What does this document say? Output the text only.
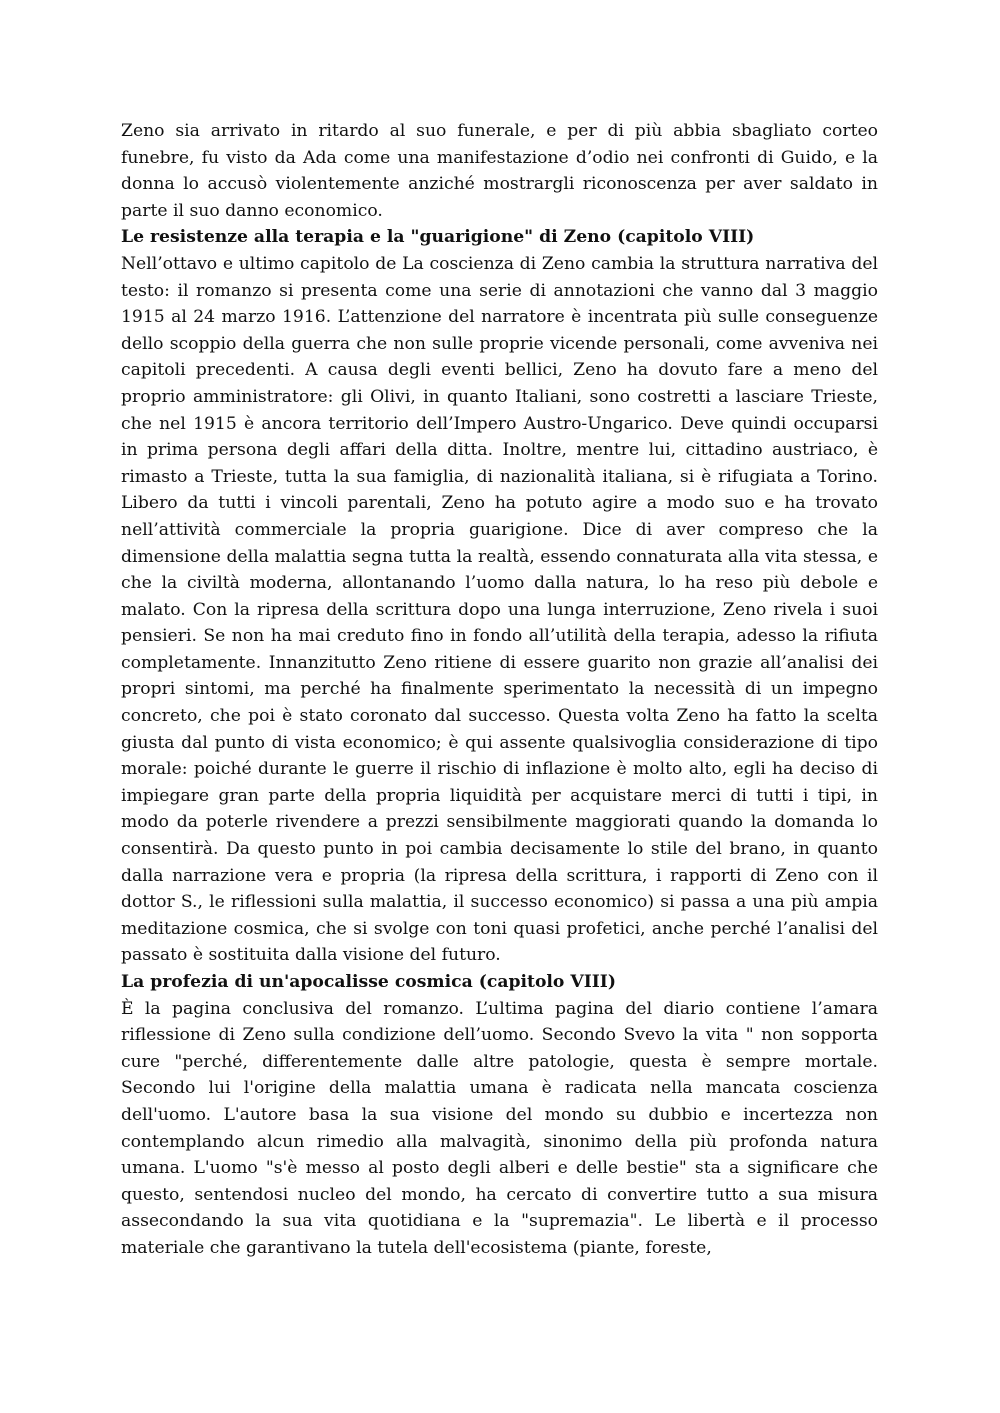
Zeno sia arrivato in ritardo al suo funerale, e per di più abbia sbagliato corteo funebre, fu visto da Ada come una manifestazione d’odio nei confronti di Guido, e la donna lo accusò violentemente anziché mostrargli riconoscenza per aver saldato in parte il suo danno economico.

Le resistenze alla terapia e la "guarigione" di Zeno (capitolo VIII)

Nell’ottavo e ultimo capitolo de La coscienza di Zeno cambia la struttura narrativa del testo: il romanzo si presenta come una serie di annotazioni che vanno dal 3 maggio 1915 al 24 marzo 1916. L’attenzione del narratore è incentrata più sulle conseguenze dello scoppio della guerra che non sulle proprie vicende personali, come avveniva nei capitoli precedenti. A causa degli eventi bellici, Zeno ha dovuto fare a meno del proprio amministratore: gli Olivi, in quanto Italiani, sono costretti a lasciare Trieste, che nel 1915 è ancora territorio dell’Impero Austro-Ungarico. Deve quindi occuparsi in prima persona degli affari della ditta. Inoltre, mentre lui, cittadino austriaco, è rimasto a Trieste, tutta la sua famiglia, di nazionalità italiana, si è rifugiata a Torino. Libero da tutti i vincoli parentali, Zeno ha potuto agire a modo suo e ha trovato nell’attività commerciale la propria guarigione. Dice di aver compreso che la dimensione della malattia segna tutta la realtà, essendo connaturata alla vita stessa, e che la civiltà moderna, allontanando l’uomo dalla natura, lo ha reso più debole e malato. Con la ripresa della scrittura dopo una lunga interruzione, Zeno rivela i suoi pensieri. Se non ha mai creduto fino in fondo all’utilità della terapia, adesso la rifiuta completamente. Innanzitutto Zeno ritiene di essere guarito non grazie all’analisi dei propri sintomi, ma perché ha finalmente sperimentato la necessità di un impegno concreto, che poi è stato coronato dal successo. Questa volta Zeno ha fatto la scelta giusta dal punto di vista economico; è qui assente qualsivoglia considerazione di tipo morale: poiché durante le guerre il rischio di inflazione è molto alto, egli ha deciso di impiegare gran parte della propria liquidità per acquistare merci di tutti i tipi, in modo da poterle rivendere a prezzi sensibilmente maggiorati quando la domanda lo consentirà. Da questo punto in poi cambia decisamente lo stile del brano, in quanto dalla narrazione vera e propria (la ripresa della scrittura, i rapporti di Zeno con il dottor S., le riflessioni sulla malattia, il successo economico) si passa a una più ampia meditazione cosmica, che si svolge con toni quasi profetici, anche perché l’analisi del passato è sostituita dalla visione del futuro.

La profezia di un'apocalisse cosmica (capitolo VIII)

È la pagina conclusiva del romanzo. L’ultima pagina del diario contiene l’amara riflessione di Zeno sulla condizione dell’uomo. Secondo Svevo la vita " non sopporta cure "perché, differentemente dalle altre patologie, questa è sempre mortale. Secondo lui l'origine della malattia umana è radicata nella mancata coscienza dell'uomo. L'autore basa la sua visione del mondo su dubbio e incertezza non contemplando alcun rimedio alla malvagità, sinonimo della più profonda natura umana. L'uomo "s'è messo al posto degli alberi e delle bestie" sta a significare che questo, sentendosi nucleo del mondo, ha cercato di convertire tutto a sua misura assecondando la sua vita quotidiana e la "supremazia". Le libertà e il processo materiale che garantivano la tutela dell'ecosistema (piante, foreste,
